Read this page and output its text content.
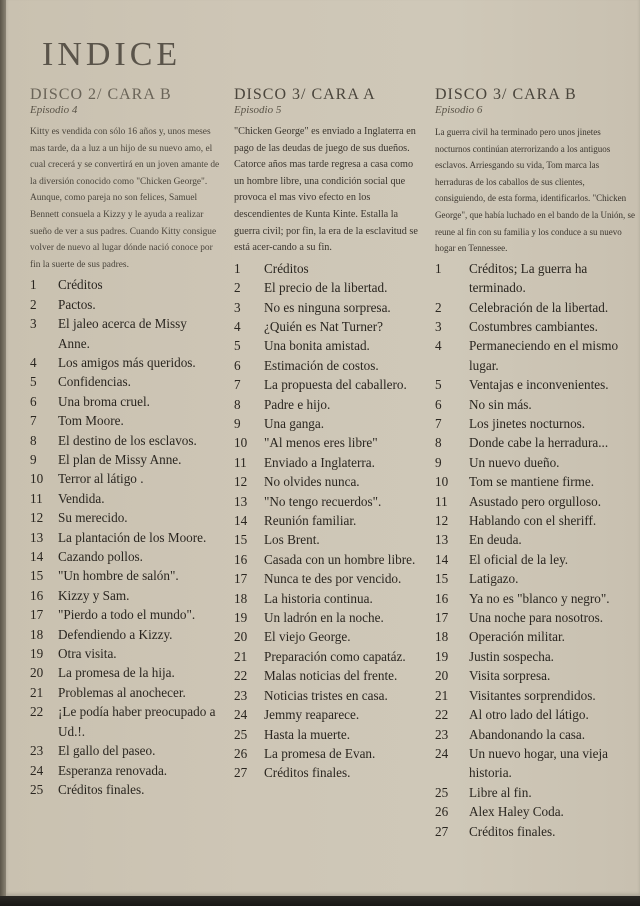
INDICE
DISCO 2/ CARA B
Episodio 4
Kitty es vendida con sólo 16 años y, unos meses mas tarde, da a luz a un hijo de su nuevo amo, el cual crecerá y se convertirá en un joven amante de la diversión conocido como "Chicken George". Aunque, como pareja no son felices, Samuel Bennett consuela a Kizzy y le ayuda a realizar sueño de ver a sus padres. Cuando Kitty consigue volver de nuevo al lugar dónde nació conoce por fin la suerte de sus padres.
1	Créditos
2	Pactos.
3	El jaleo acerca de Missy Anne.
4	Los amigos más queridos.
5	Confidencias.
6	Una broma cruel.
7	Tom Moore.
8	El destino de los esclavos.
9	El plan de Missy Anne.
10	Terror al látigo .
11	Vendida.
12	Su merecido.
13	La plantación de los Moore.
14	Cazando pollos.
15	"Un hombre de salón".
16	Kizzy y Sam.
17	"Pierdo a todo el mundo".
18	Defendiendo a Kizzy.
19	Otra visita.
20	La promesa de la hija.
21	Problemas al anochecer.
22	¡Le podía haber preocupado a Ud.!.
23	El gallo del paseo.
24	Esperanza renovada.
25	Créditos finales.
DISCO 3/ CARA A
Episodio 5
"Chicken George" es enviado a Inglaterra en pago de las deudas de juego de sus dueños. Catorce años mas tarde regresa a casa como un hombre libre, una condición social que provoca el mas vivo efecto en los descendientes de Kunta Kinte. Estalla la guerra civil; por fin, la era de la esclavitud se está acer-cando a su fin.
1	Créditos
2	El precio de la libertad.
3	No es ninguna sorpresa.
4	¿Quién es Nat Turner?
5	Una bonita amistad.
6	Estimación de costos.
7	La propuesta del caballero.
8	Padre e hijo.
9	Una ganga.
10	"Al menos eres libre"
11	Enviado a Inglaterra.
12	No olvides nunca.
13	"No tengo recuerdos".
14	Reunión familiar.
15	Los Brent.
16	Casada con un hombre libre.
17	Nunca te des por vencido.
18	La historia continua.
19	Un ladrón en la noche.
20	El viejo George.
21	Preparación como capatáz.
22	Malas noticias del frente.
23	Noticias tristes en casa.
24	Jemmy reaparece.
25	Hasta la muerte.
26	La promesa de Evan.
27	Créditos finales.
DISCO 3/ CARA B
Episodio 6
La guerra civil ha terminado pero unos jinetes nocturnos continúan aterrorizando a los antiguos esclavos. Arriesgando su vida, Tom marca las herraduras de los caballos de sus clientes, consiguiendo, de esta forma, identificarlos. "Chicken George", que había luchado en el bando de la Unión, se reune al fin con su familia y los conduce a su nuevo hogar en Tennessee.
1	Créditos; La guerra ha terminado.
2	Celebración de la libertad.
3	Costumbres cambiantes.
4	Permaneciendo en el mismo lugar.
5	Ventajas e inconvenientes.
6	No sin más.
7	Los jinetes nocturnos.
8	Donde cabe la herradura...
9	Un nuevo dueño.
10	Tom se mantiene firme.
11	Asustado pero orgulloso.
12	Hablando con el sheriff.
13	En deuda.
14	El oficial de la ley.
15	Latigazo.
16	Ya no es "blanco y negro".
17	Una noche para nosotros.
18	Operación militar.
19	Justin sospecha.
20	Visita sorpresa.
21	Visitantes sorprendidos.
22	Al otro lado del látigo.
23	Abandonando la casa.
24	Un nuevo hogar, una vieja historia.
25	Libre al fin.
26	Alex Haley Coda.
27	Créditos finales.
